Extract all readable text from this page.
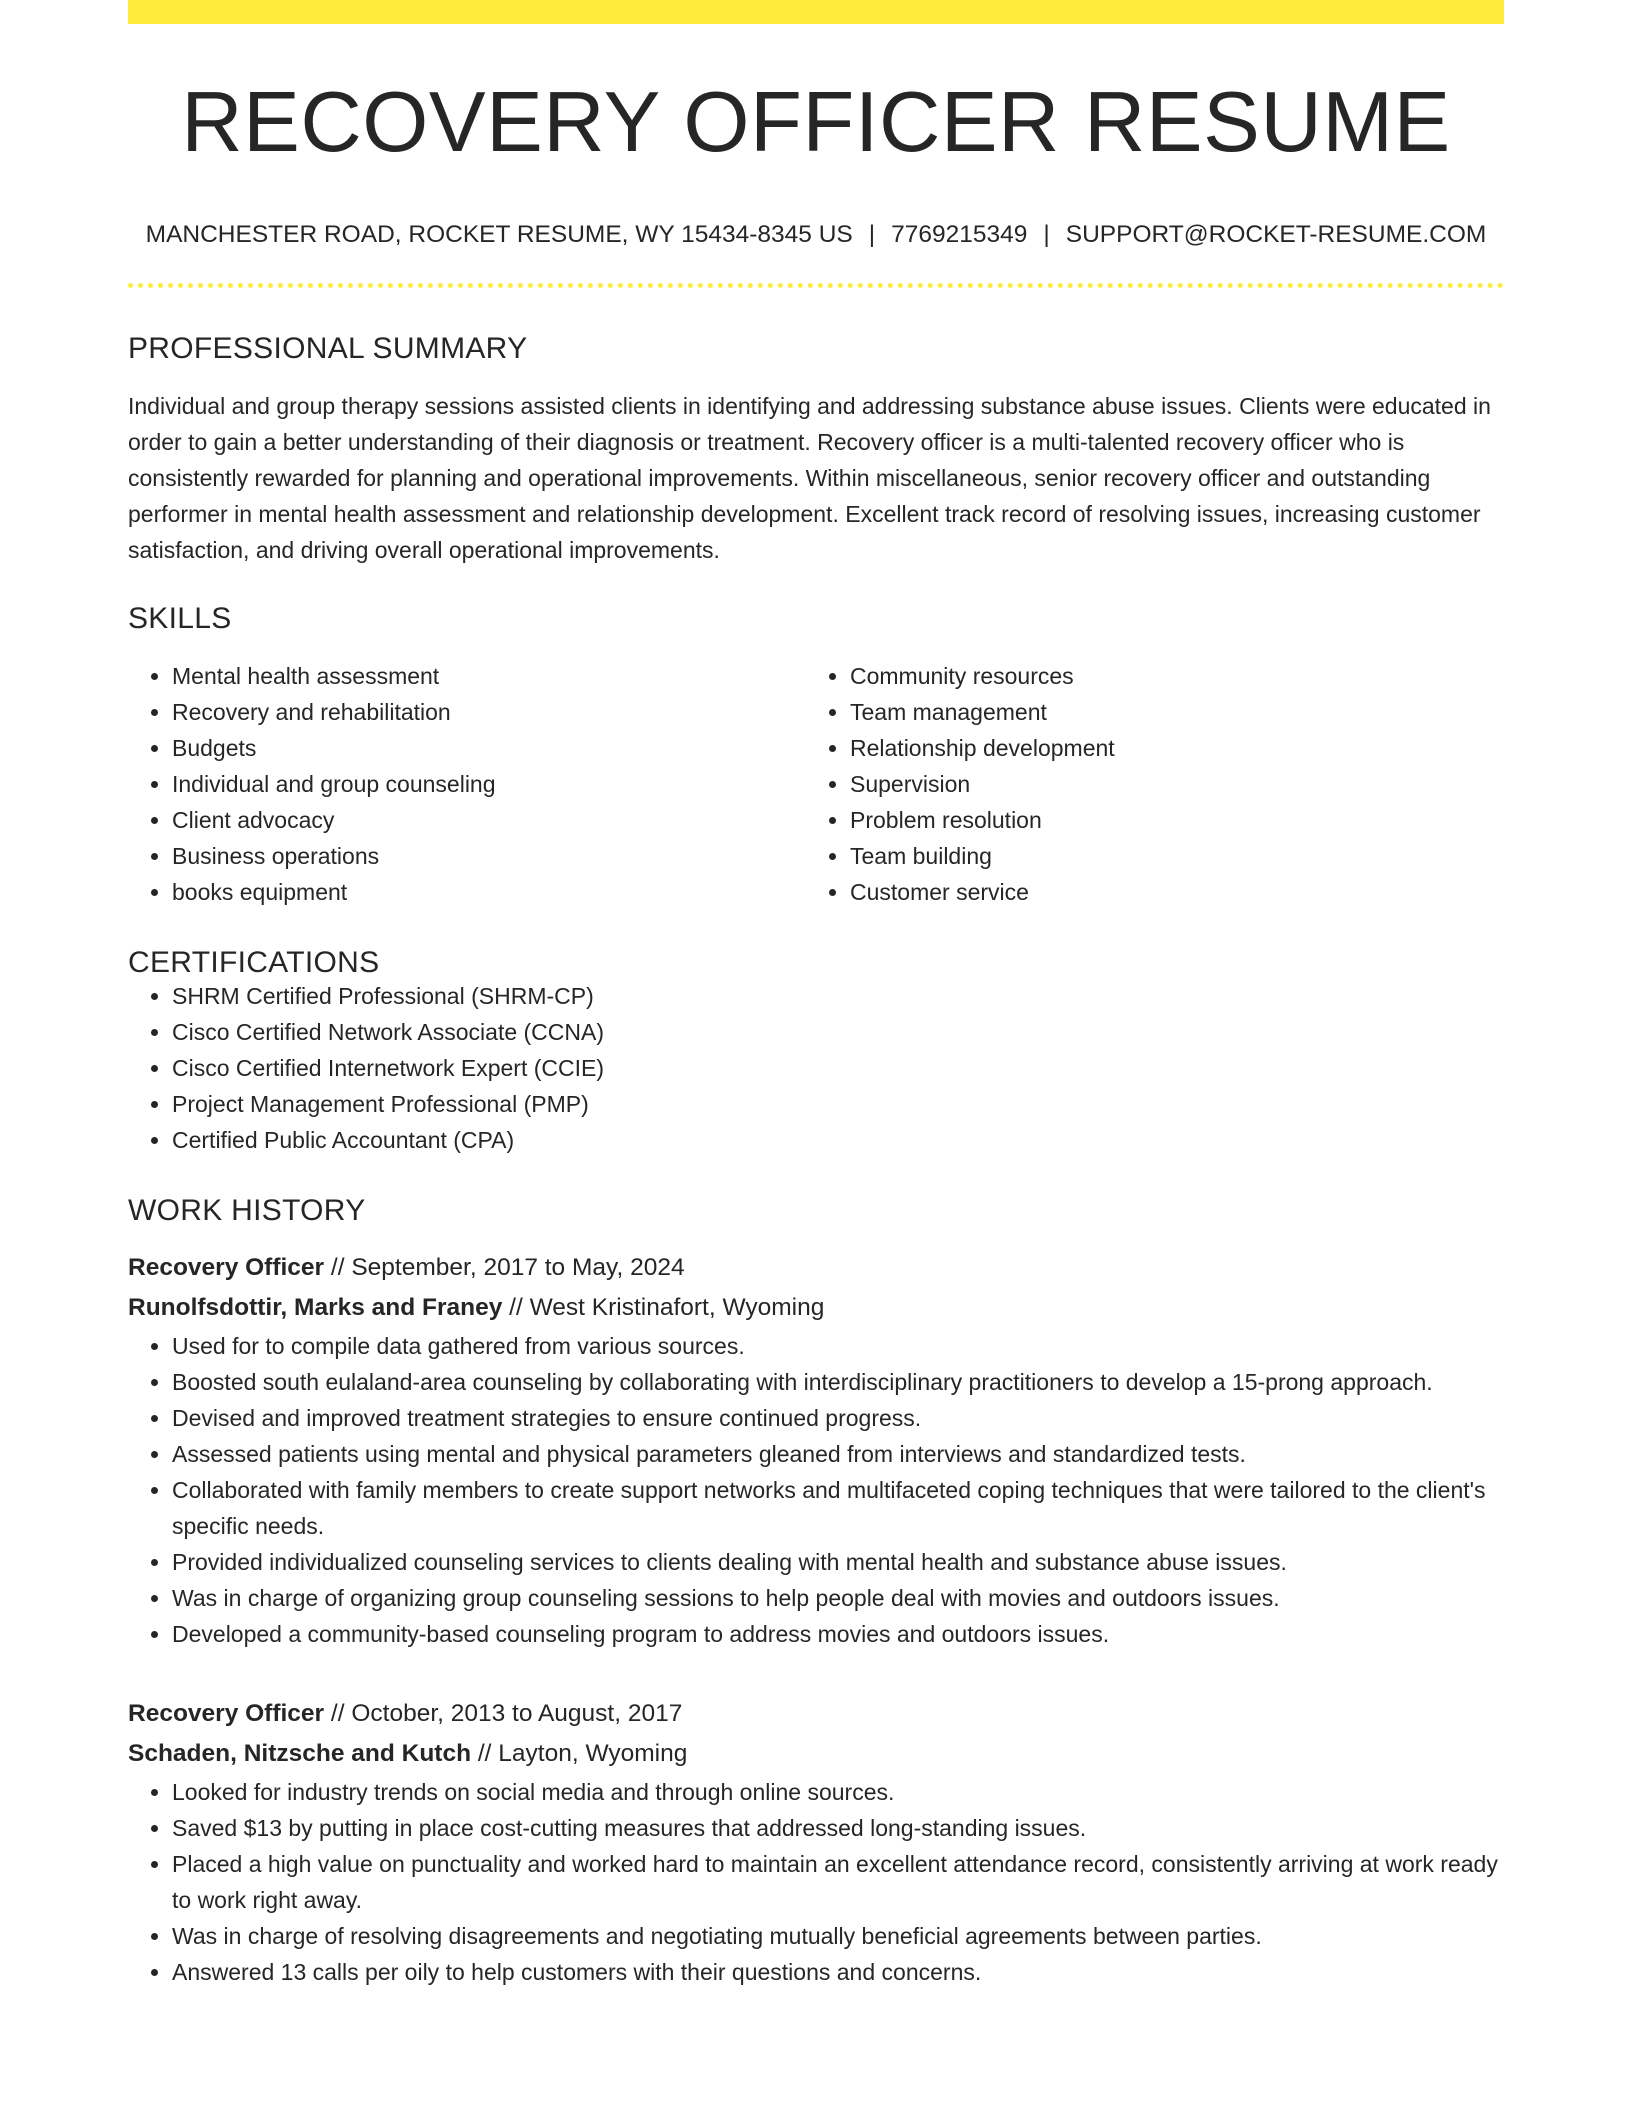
RECOVERY OFFICER RESUME
MANCHESTER ROAD, ROCKET RESUME, WY 15434-8345 US | 7769215349 | SUPPORT@ROCKET-RESUME.COM
PROFESSIONAL SUMMARY

Individual and group therapy sessions assisted clients in identifying and addressing substance abuse issues. Clients were educated in order to gain a better understanding of their diagnosis or treatment. Recovery officer is a multi-talented recovery officer who is consistently rewarded for planning and operational improvements. Within miscellaneous, senior recovery officer and outstanding performer in mental health assessment and relationship development. Excellent track record of resolving issues, increasing customer satisfaction, and driving overall operational improvements.

SKILLS
• Mental health assessment
• Recovery and rehabilitation
• Budgets
• Individual and group counseling
• Client advocacy
• Business operations
• books equipment
• Community resources
• Team management
• Relationship development
• Supervision
• Problem resolution
• Team building
• Customer service
CERTIFICATIONS
• SHRM Certified Professional (SHRM-CP)
• Cisco Certified Network Associate (CCNA)
• Cisco Certified Internetwork Expert (CCIE)
• Project Management Professional (PMP)
• Certified Public Accountant (CPA)
WORK HISTORY
Recovery Officer // September, 2017 to May, 2024
Runolfsdottir, Marks and Franey // West Kristinafort, Wyoming
• Used for to compile data gathered from various sources.
• Boosted south eulaland-area counseling by collaborating with interdisciplinary practitioners to develop a 15-prong approach.
• Devised and improved treatment strategies to ensure continued progress.
• Assessed patients using mental and physical parameters gleaned from interviews and standardized tests.
• Collaborated with family members to create support networks and multifaceted coping techniques that were tailored to the client's specific needs.
• Provided individualized counseling services to clients dealing with mental health and substance abuse issues.
• Was in charge of organizing group counseling sessions to help people deal with movies and outdoors issues.
• Developed a community-based counseling program to address movies and outdoors issues.
Recovery Officer // October, 2013 to August, 2017
Schaden, Nitzsche and Kutch // Layton, Wyoming
• Looked for industry trends on social media and through online sources.
• Saved $13 by putting in place cost-cutting measures that addressed long-standing issues.
• Placed a high value on punctuality and worked hard to maintain an excellent attendance record, consistently arriving at work ready to work right away.
• Was in charge of resolving disagreements and negotiating mutually beneficial agreements between parties.
• Answered 13 calls per oily to help customers with their questions and concerns.
